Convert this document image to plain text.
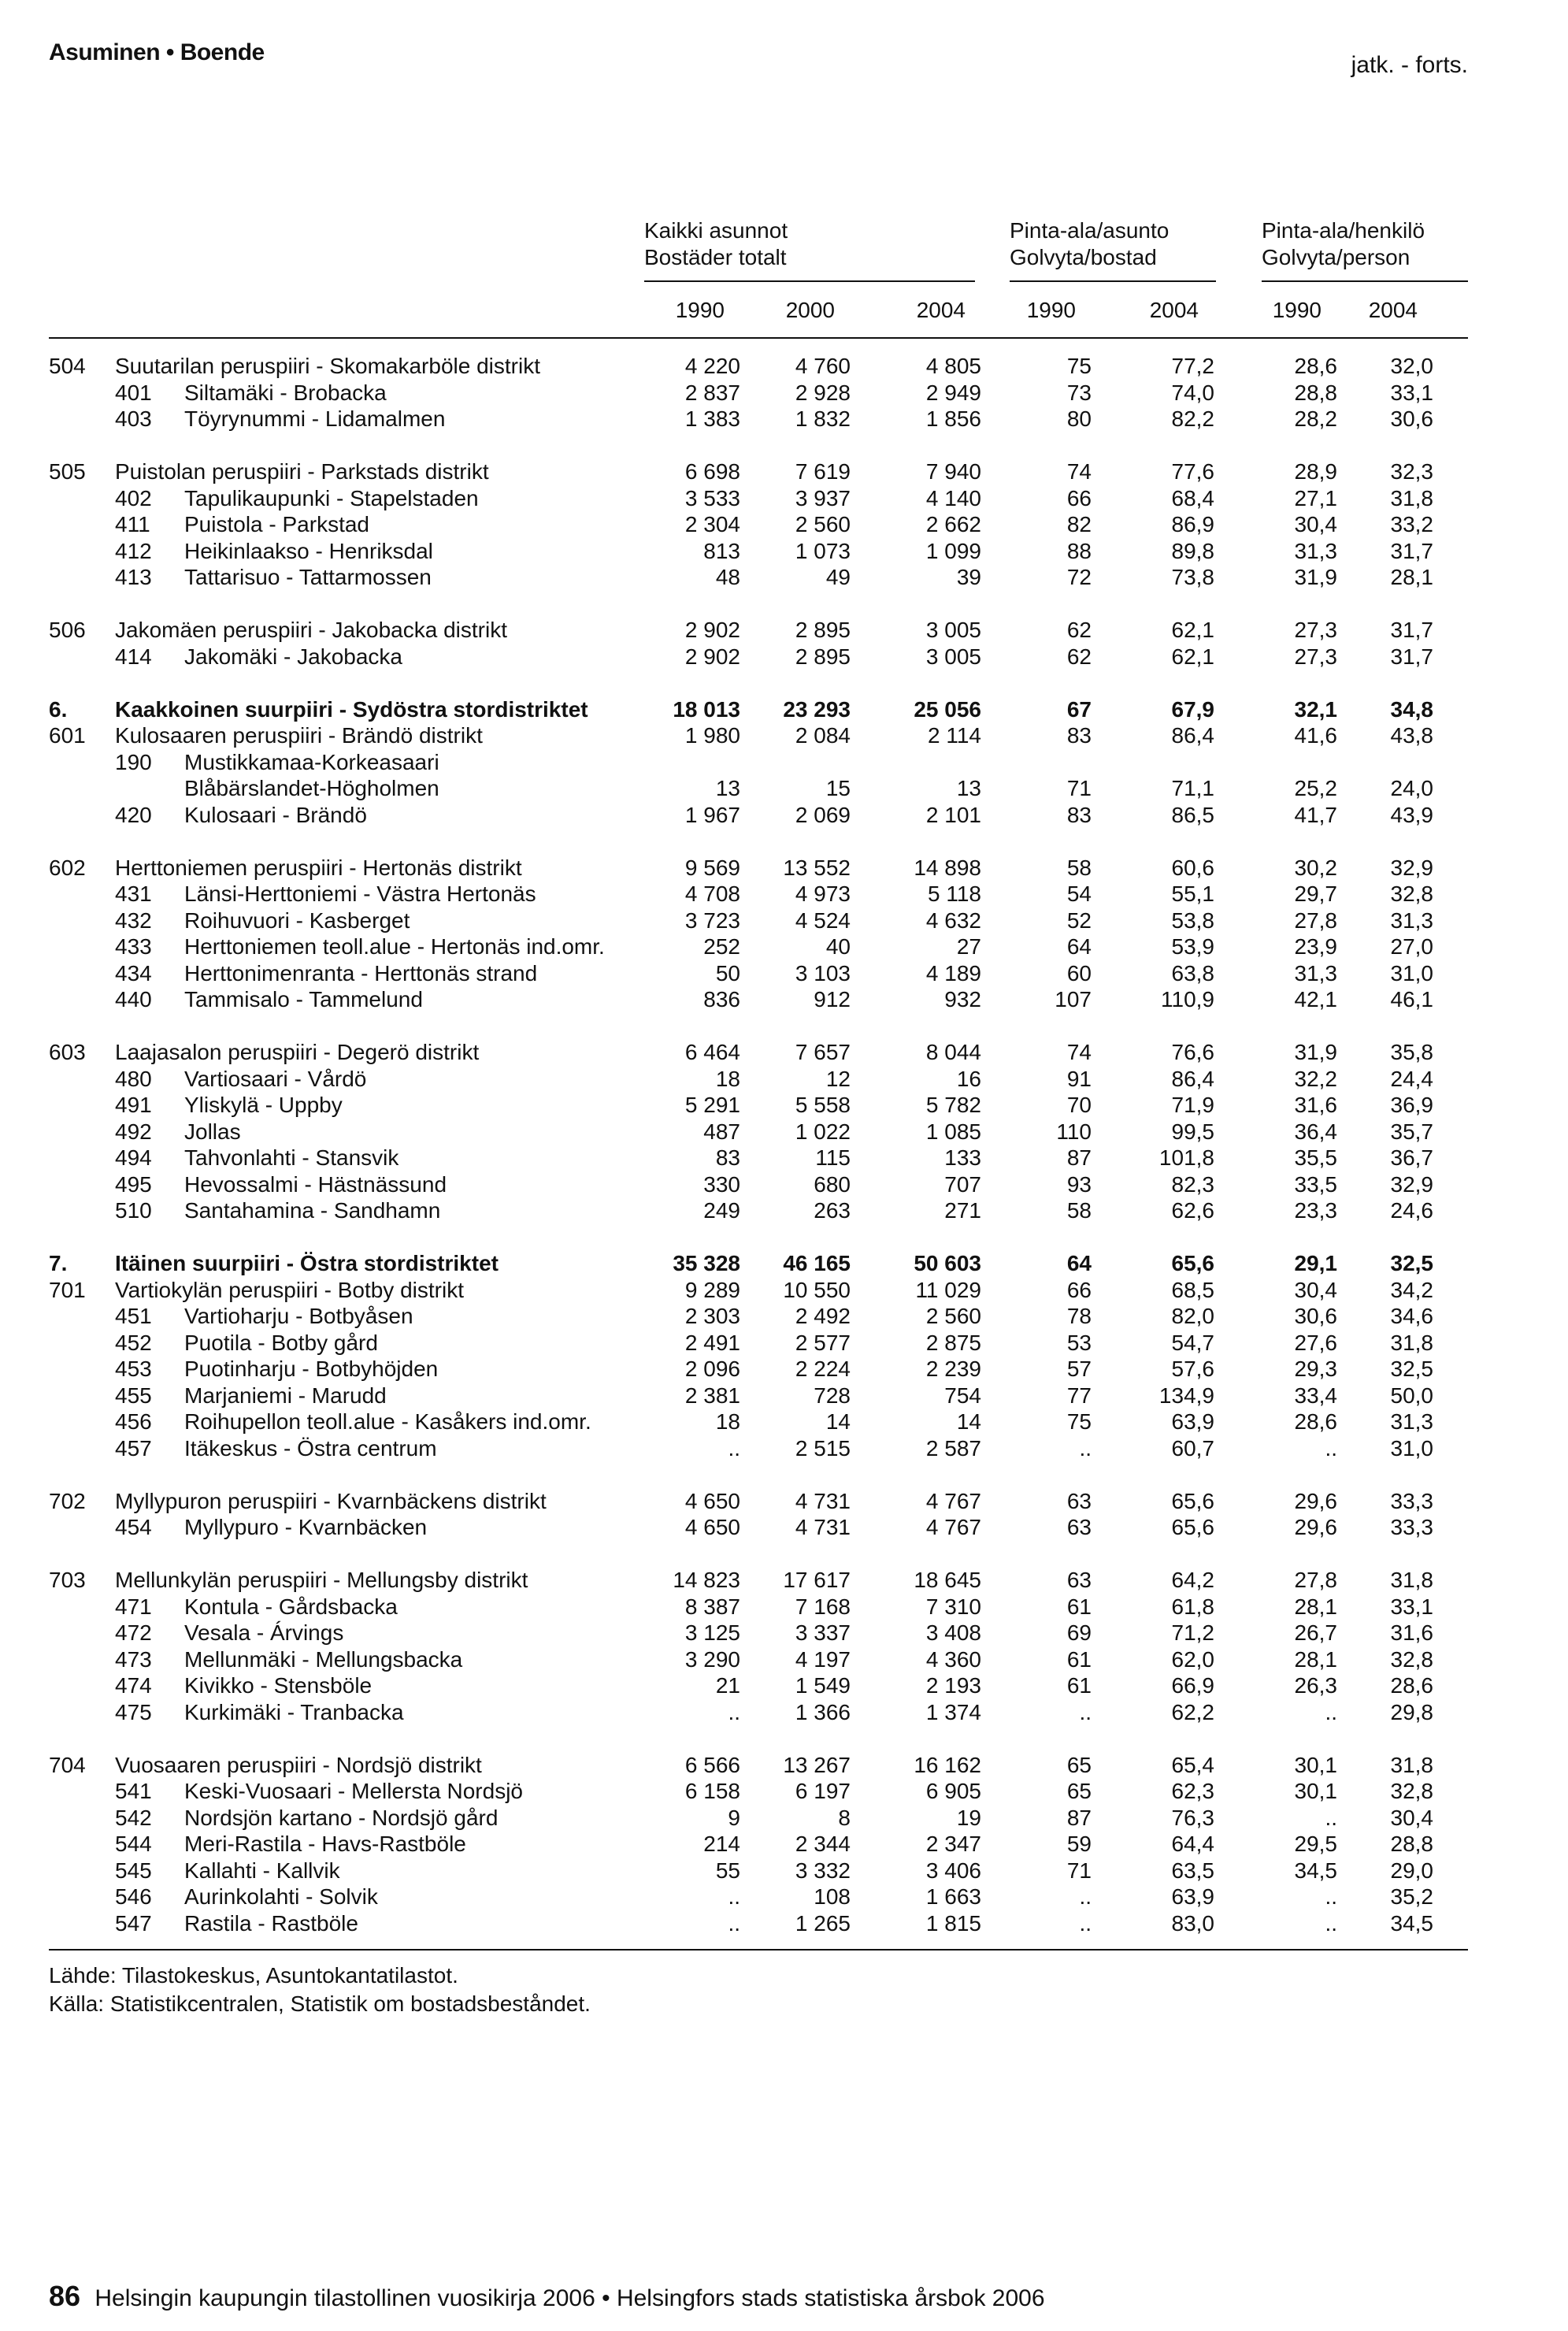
Asuminen • Boende	jatk. - forts.
Kaikki asunnot
Bostäder totalt
Pinta-ala/asunto
Golvyta/bostad
Pinta-ala/henkilö
Golvyta/person
1990	2000	2004	1990	2004	1990	2004
504 Suutarilan peruspiiri - Skomakarböle distrikt	4 220	4 760	4 805	75	77,2	28,6	32,0
401 Siltamäki - Brobacka	2 837	2 928	2 949	73	74,0	28,8	33,1
403 Töyrynummi - Lidamalmen	1 383	1 832	1 856	80	82,2	28,2	30,6
505 Puistolan peruspiiri - Parkstads distrikt	6 698	7 619	7 940	74	77,6	28,9	32,3
402 Tapulikaupunki - Stapelstaden	3 533	3 937	4 140	66	68,4	27,1	31,8
411 Puistola - Parkstad	2 304	2 560	2 662	82	86,9	30,4	33,2
412 Heikinlaakso - Henriksdal	813	1 073	1 099	88	89,8	31,3	31,7
413 Tattarisuo - Tattarmossen	48	49	39	72	73,8	31,9	28,1
506 Jakomäen peruspiiri - Jakobacka distrikt	2 902	2 895	3 005	62	62,1	27,3	31,7
414 Jakomäki - Jakobacka	2 902	2 895	3 005	62	62,1	27,3	31,7
6. Kaakkoinen suurpiiri - Sydöstra stordistriktet	18 013	23 293	25 056	67	67,9	32,1	34,8
601 Kulosaaren peruspiiri - Brändö distrikt	1 980	2 084	2 114	83	86,4	41,6	43,8
190 Mustikkamaa-Korkeasaari
Blåbärslandet-Högholmen	13	15	13	71	71,1	25,2	24,0
420 Kulosaari - Brändö	1 967	2 069	2 101	83	86,5	41,7	43,9
602 Herttoniemen peruspiiri - Hertonäs distrikt	9 569	13 552	14 898	58	60,6	30,2	32,9
431 Länsi-Herttoniemi - Västra Hertonäs	4 708	4 973	5 118	54	55,1	29,7	32,8
432 Roihuvuori - Kasberget	3 723	4 524	4 632	52	53,8	27,8	31,3
433 Herttoniemen teoll.alue - Hertonäs ind.omr.	252	40	27	64	53,9	23,9	27,0
434 Herttonimenranta - Herttonäs strand	50	3 103	4 189	60	63,8	31,3	31,0
440 Tammisalo - Tammelund	836	912	932	107	110,9	42,1	46,1
603 Laajasalon peruspiiri - Degerö distrikt	6 464	7 657	8 044	74	76,6	31,9	35,8
480 Vartiosaari - Vårdö	18	12	16	91	86,4	32,2	24,4
491 Yliskylä - Uppby	5 291	5 558	5 782	70	71,9	31,6	36,9
492 Jollas	487	1 022	1 085	110	99,5	36,4	35,7
494 Tahvonlahti - Stansvik	83	115	133	87	101,8	35,5	36,7
495 Hevossalmi - Hästnässund	330	680	707	93	82,3	33,5	32,9
510 Santahamina - Sandhamn	249	263	271	58	62,6	23,3	24,6
7. Itäinen suurpiiri - Östra stordistriktet	35 328	46 165	50 603	64	65,6	29,1	32,5
701 Vartiokylän peruspiiri - Botby distrikt	9 289	10 550	11 029	66	68,5	30,4	34,2
451 Vartioharju - Botbyåsen	2 303	2 492	2 560	78	82,0	30,6	34,6
452 Puotila - Botby gård	2 491	2 577	2 875	53	54,7	27,6	31,8
453 Puotinharju - Botbyhöjden	2 096	2 224	2 239	57	57,6	29,3	32,5
455 Marjaniemi - Marudd	2 381	728	754	77	134,9	33,4	50,0
456 Roihupellon teoll.alue - Kasåkers ind.omr.	18	14	14	75	63,9	28,6	31,3
457 Itäkeskus - Östra centrum	..	2 515	2 587	..	60,7	..	31,0
702 Myllypuron peruspiiri - Kvarnbäckens distrikt	4 650	4 731	4 767	63	65,6	29,6	33,3
454 Myllypuro - Kvarnbäcken	4 650	4 731	4 767	63	65,6	29,6	33,3
703 Mellunkylän peruspiiri - Mellungsby distrikt	14 823	17 617	18 645	63	64,2	27,8	31,8
471 Kontula - Gårdsbacka	8 387	7 168	7 310	61	61,8	28,1	33,1
472 Vesala - Árvings	3 125	3 337	3 408	69	71,2	26,7	31,6
473 Mellunmäki - Mellungsbacka	3 290	4 197	4 360	61	62,0	28,1	32,8
474 Kivikko - Stensböle	21	1 549	2 193	61	66,9	26,3	28,6
475 Kurkimäki - Tranbacka	..	1 366	1 374	..	62,2	..	29,8
704 Vuosaaren peruspiiri - Nordsjö distrikt	6 566	13 267	16 162	65	65,4	30,1	31,8
541 Keski-Vuosaari - Mellersta Nordsjö	6 158	6 197	6 905	65	62,3	30,1	32,8
542 Nordsjön kartano - Nordsjö gård	9	8	19	87	76,3	..	30,4
544 Meri-Rastila - Havs-Rastböle	214	2 344	2 347	59	64,4	29,5	28,8
545 Kallahti - Kallvik	55	3 332	3 406	71	63,5	34,5	29,0
546 Aurinkolahti - Solvik	..	108	1 663	..	63,9	..	35,2
547 Rastila - Rastböle	..	1 265	1 815	..	83,0	..	34,5
Lähde: Tilastokeskus, Asuntokantatilastot.
Källa: Statistikcentralen, Statistik om bostadsbeståndet.
86 Helsingin kaupungin tilastollinen vuosikirja 2006 • Helsingfors stads statistiska årsbok 2006
